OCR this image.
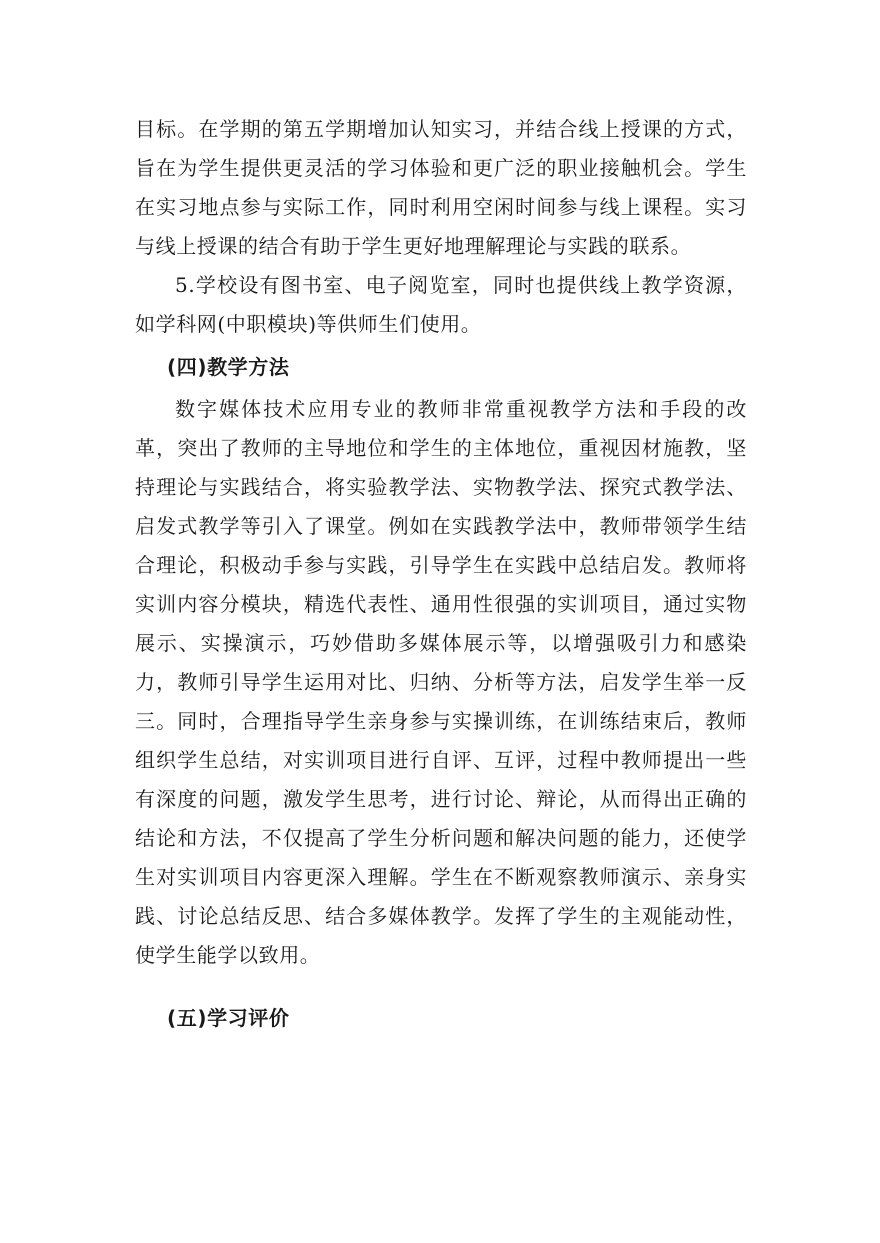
目标。在学期的第五学期增加认知实习，并结合线上授课的方式，旨在为学生提供更灵活的学习体验和更广泛的职业接触机会。学生在实习地点参与实际工作，同时利用空闲时间参与线上课程。实习与线上授课的结合有助于学生更好地理解理论与实践的联系。

5.学校设有图书室、电子阅览室，同时也提供线上教学资源，如学科网(中职模块)等供师生们使用。

(四)教学方法

数字媒体技术应用专业的教师非常重视教学方法和手段的改革，突出了教师的主导地位和学生的主体地位，重视因材施教，坚持理论与实践结合，将实验教学法、实物教学法、探究式教学法、启发式教学等引入了课堂。例如在实践教学法中，教师带领学生结合理论，积极动手参与实践，引导学生在实践中总结启发。教师将实训内容分模块，精选代表性、通用性很强的实训项目，通过实物展示、实操演示，巧妙借助多媒体展示等，以增强吸引力和感染力，教师引导学生运用对比、归纳、分析等方法，启发学生举一反三。同时，合理指导学生亲身参与实操训练，在训练结束后，教师组织学生总结，对实训项目进行自评、互评，过程中教师提出一些有深度的问题，激发学生思考，进行讨论、辩论，从而得出正确的结论和方法，不仅提高了学生分析问题和解决问题的能力，还使学生对实训项目内容更深入理解。学生在不断观察教师演示、亲身实践、讨论总结反思、结合多媒体教学。发挥了学生的主观能动性，使学生能学以致用。

(五)学习评价
